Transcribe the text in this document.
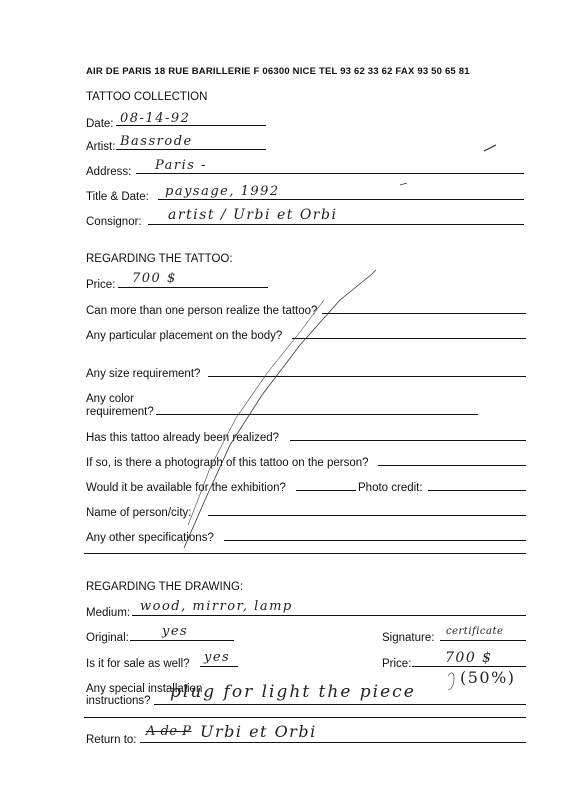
AIR DE PARIS 18 RUE BARILLERIE F 06300 NICE TEL 93 62 33 62 FAX 93 50 65 81
TATTOO COLLECTION
Date: 08-14-92
Artist: Bassrode
Address: Paris -
Title & Date: paysage, 1992
Consignor: artist / Urbi et Orbi
REGARDING THE TATTOO:
Price: 700 $
Can more than one person realize the tattoo?
Any particular placement on the body?
Any size requirement?
Any color
requirement?
Has this tattoo already been realized?
If so, is there a photograph of this tattoo on the person?
Would it be available for the exhibition?	Photo credit:
Name of person/city:
Any other specifications?
REGARDING THE DRAWING:
Medium: wood, mirror, lamp
Original:	yes	Signature:
certificate
Is it for sale as well? yes	Price: 700 $
(50%)
Any special installation
instructions? plug for light the piece
Return to:
A de P Urbi et Orbi
